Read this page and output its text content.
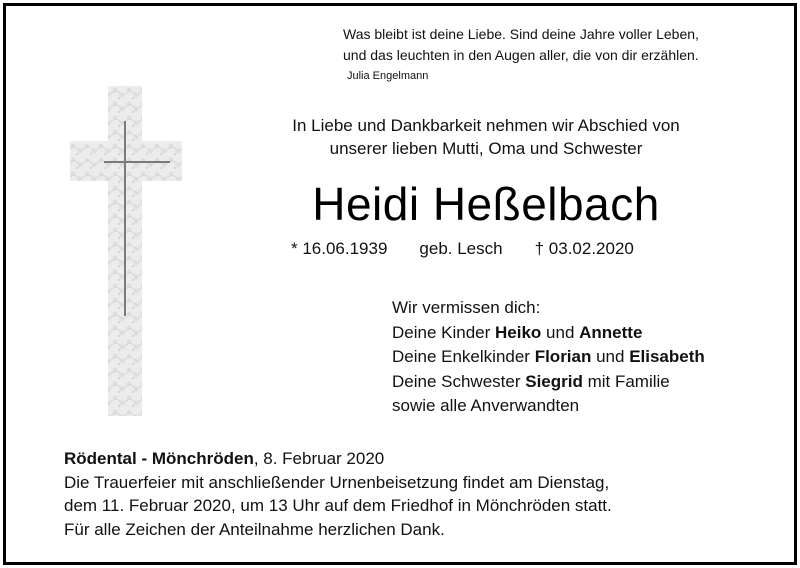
Was bleibt ist deine Liebe. Sind deine Jahre voller Leben,
und das leuchten in den Augen aller, die von dir erzählen.
Julia Engelmann
In Liebe und Dankbarkeit nehmen wir Abschied von
unserer lieben Mutti, Oma und Schwester
Heidi Heßelbach
* 16.06.1939 geb. Lesch † 03.02.2020
Wir vermissen dich:
Deine Kinder Heiko und Annette
Deine Enkelkinder Florian und Elisabeth
Deine Schwester Siegrid mit Familie
sowie alle Anverwandten
Rödental - Mönchröden, 8. Februar 2020
Die Trauerfeier mit anschließender Urnenbeisetzung findet am Dienstag,
dem 11. Februar 2020, um 13 Uhr auf dem Friedhof in Mönchröden statt.
Für alle Zeichen der Anteilnahme herzlichen Dank.
